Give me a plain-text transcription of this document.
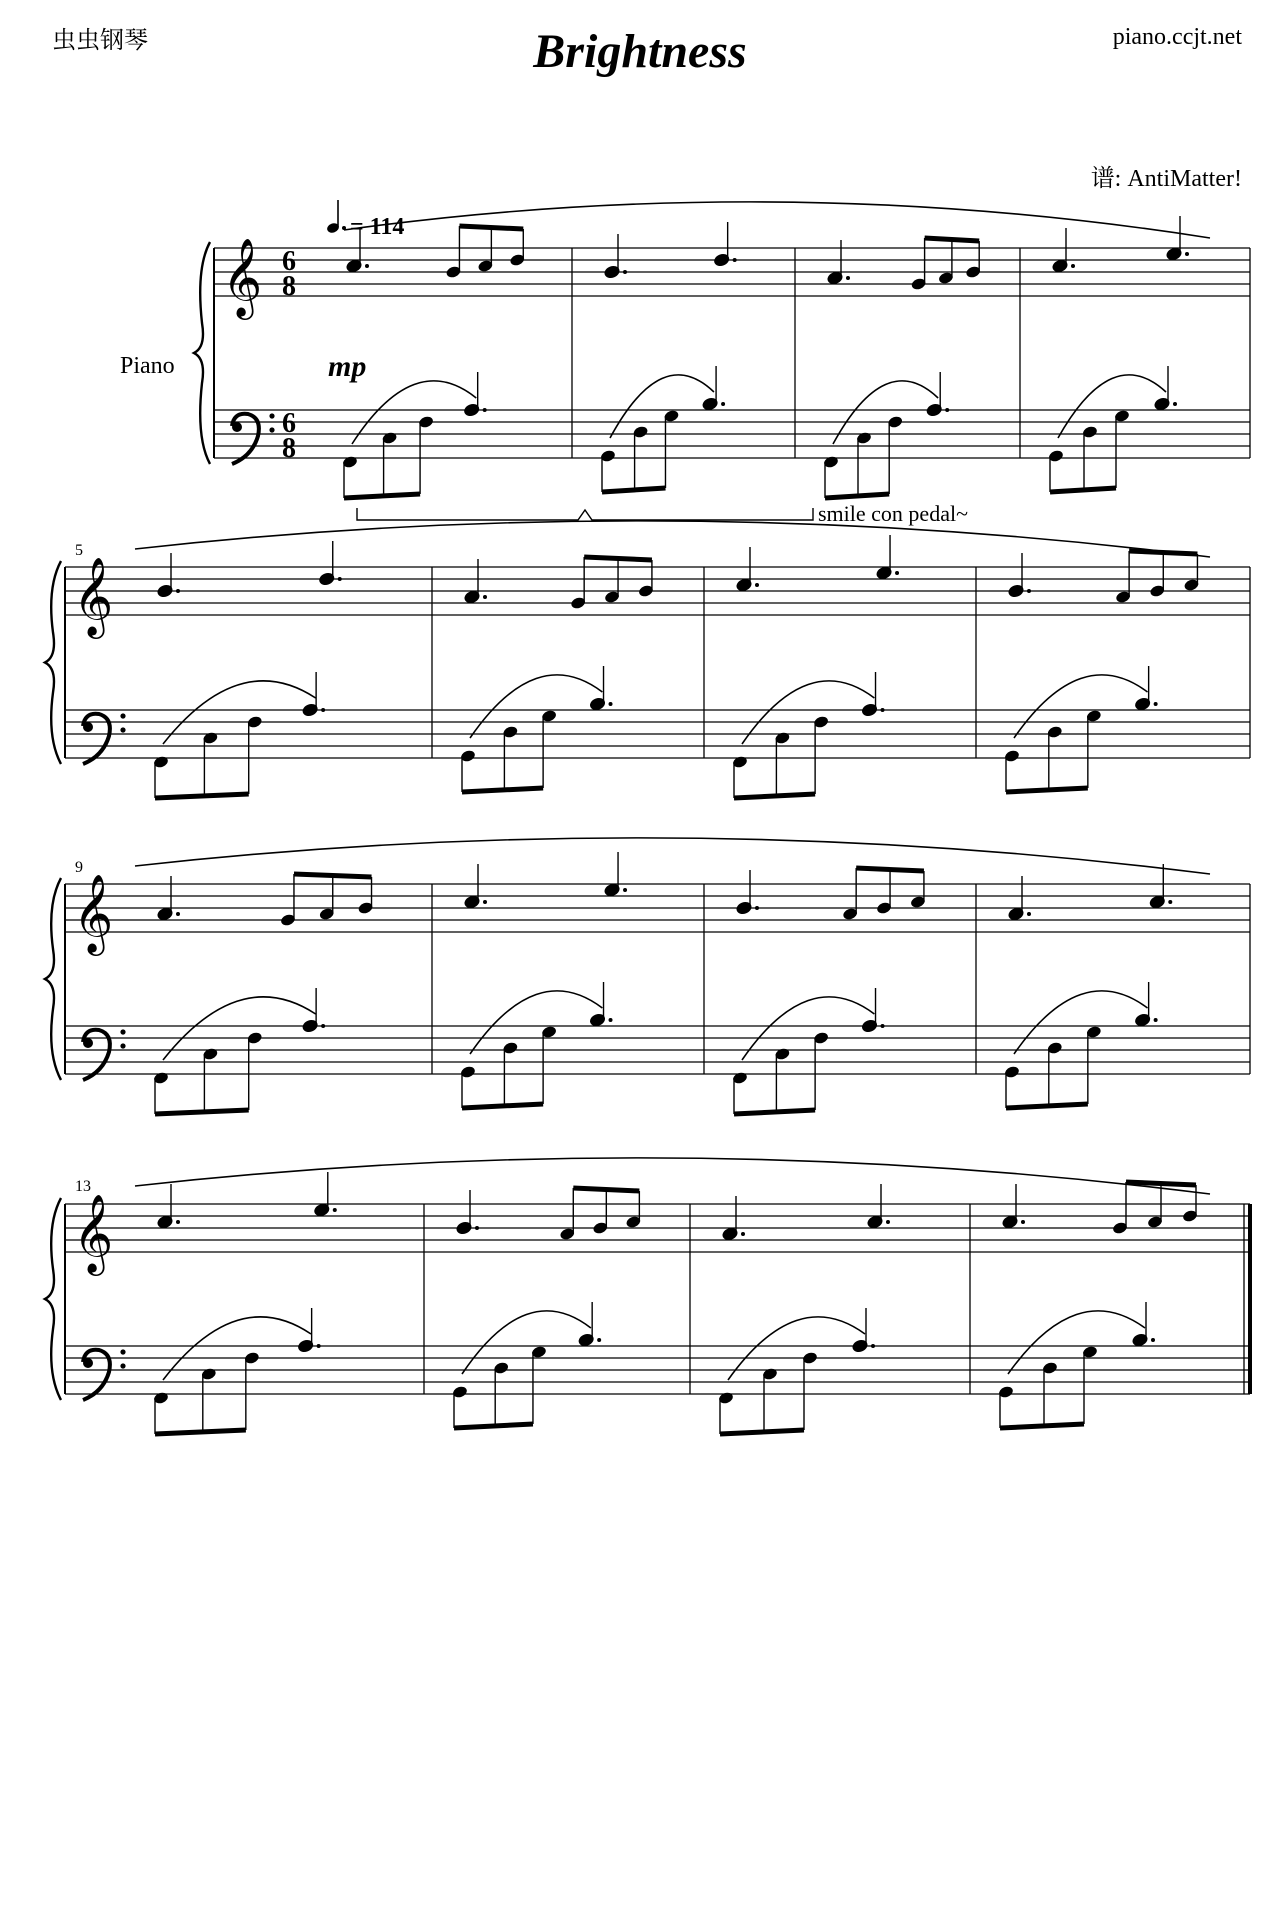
虫虫钢琴	Brightness	piano.ccjt.net
谱: AntiMatter!
𝄞 6
8
6
8
𝄞
𝄞
𝄞
Piano
= 114
mp
smile con pedal~
5
9
13
